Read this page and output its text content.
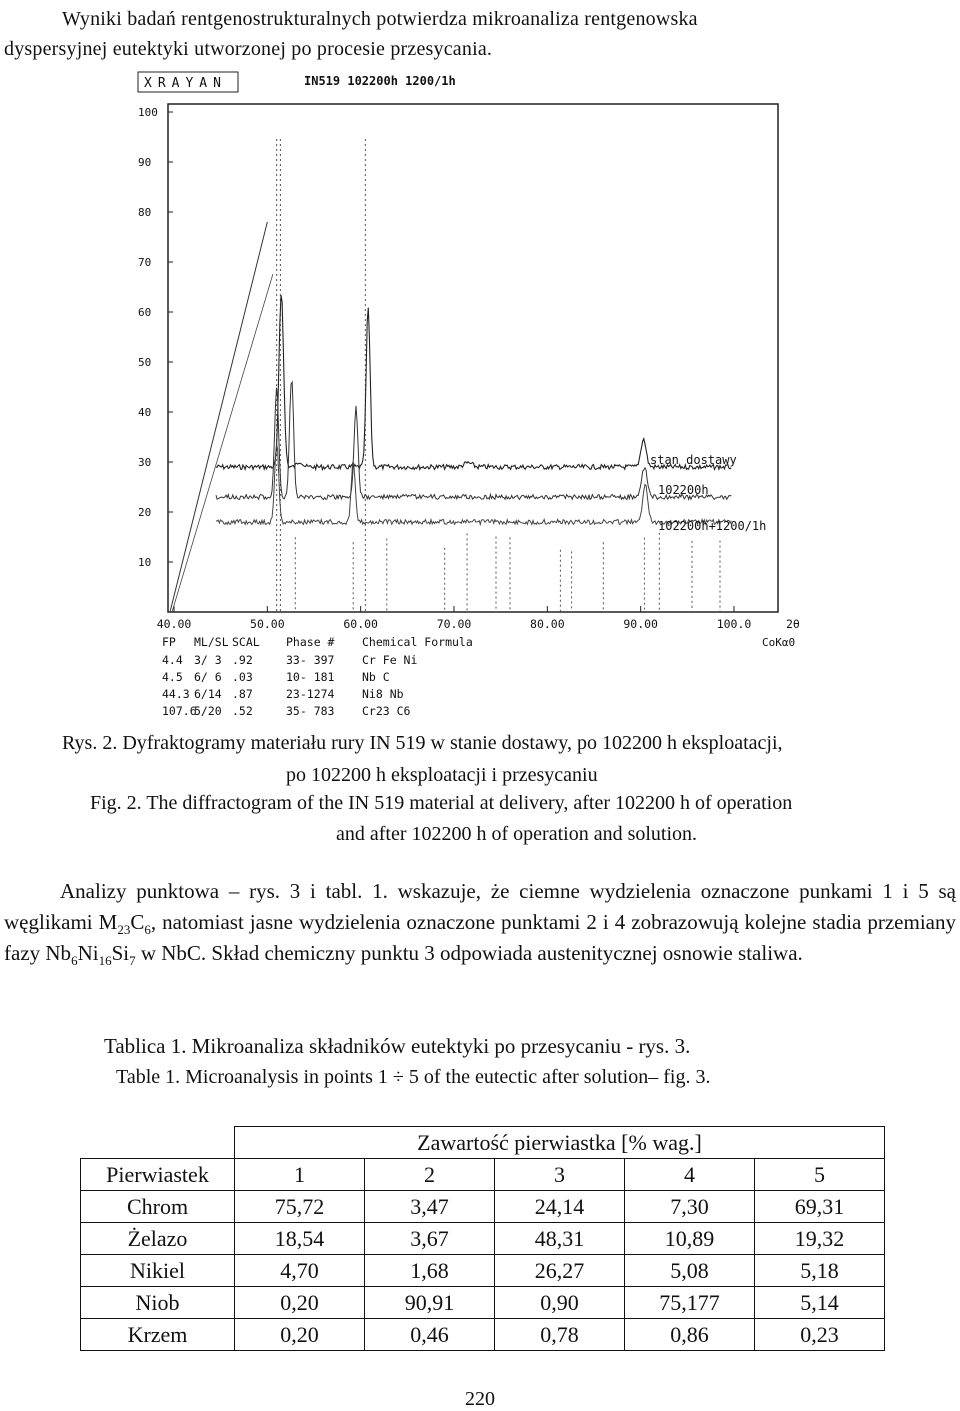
Wyniki badań rentgenostrukturalnych potwierdza mikroanaliza rentgenowska
dyspersyjnej eutektyki utworzonej po procesie przesycania.
100
90
80
70
60
50
40
30
20
10
40.00	50.00	60.00	70.00	80.00	90.00	100.0	2θ
CoKα0
stan dostawy
102200h
102200h+1200/1h
XRAYAN	IN519 102200h 1200/1h
FP ML/SL SCAL Phase # Chemical Formula
4.4 3/ 3 .92	33- 397 Cr Fe Ni
4.5 6/ 6 .03	10- 181 Nb C
44.3 6/14 .87	23-1274 Ni8 Nb
107.6
5/20 .52	35- 783 Cr23 C6
Rys. 2. Dyfraktogramy materiału rury IN 519 w stanie dostawy, po 102200 h eksploatacji,
po 102200 h eksploatacji i przesycaniu
Fig. 2. The diffractogram of the IN 519 material at delivery, after 102200 h of operation
and after 102200 h of operation and solution.

Analizy punktowa – rys. 3 i tabl. 1. wskazuje, że ciemne wydzielenia oznaczone punkami 1 i 5 są węglikami $M_{23}C_6$, natomiast jasne wydzielenia oznaczone punktami 2 i 4 zobrazowują kolejne stadia przemiany fazy $Nb_6Ni_{16}Si_7$ w NbC. Skład chemiczny punktu 3 odpowiada austenitycznej osnowie staliwa.

Tablica 1. Mikroanaliza składników eutektyki po przesycaniu - rys. 3.
Table 1. Microanalysis in points 1 ÷ 5 of the eutectic after solution– fig. 3.
	Zawartość pierwiastka [% wag.]				
Pierwiastek	1	2	3	4	5
Chrom	75,72	3,47	24,14	7,30	69,31
Żelazo	18,54	3,67	48,31	10,89	19,32
Nikiel	4,70	1,68	26,27	5,08	5,18
Niob	0,20	90,91	0,90	75,177	5,14
Krzem	0,20	0,46	0,78	0,86	0,23
220
